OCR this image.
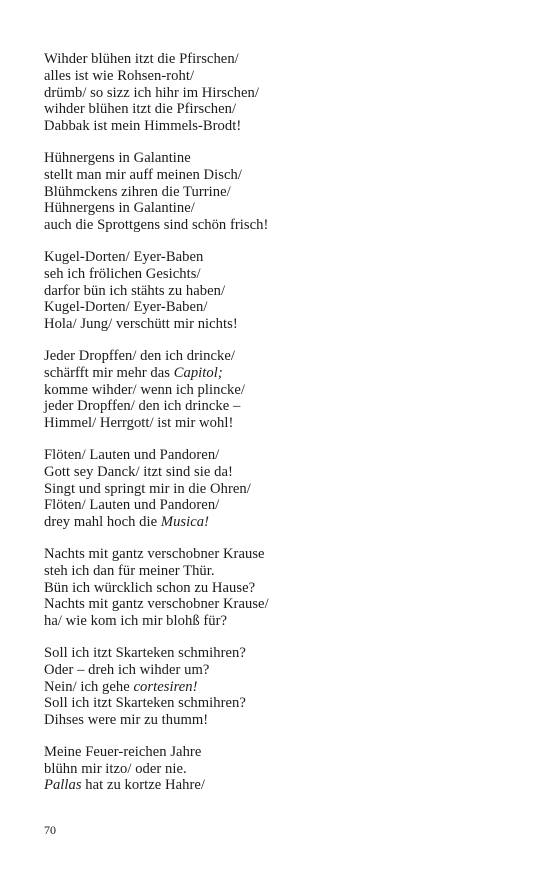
Wihder blühen itzt die Pfirschen/
alles ist wie Rohsen-roht/
drümb/ so sizz ich hihr im Hirschen/
wihder blühen itzt die Pfirschen/
Dabbak ist mein Himmels-Brodt!
Hühnergens in Galantine
stellt man mir auff meinen Disch/
Blühmckens zihren die Turrine/
Hühnergens in Galantine/
auch die Sprottgens sind schön frisch!
Kugel-Dorten/ Eyer-Baben
seh ich frölichen Gesichts/
darfor bün ich stähts zu haben/
Kugel-Dorten/ Eyer-Baben/
Hola/ Jung/ verschütt mir nichts!
Jeder Dropffen/ den ich drincke/
schärfft mir mehr das Capitol;
komme wihder/ wenn ich plincke/
jeder Dropffen/ den ich drincke –
Himmel/ Herrgott/ ist mir wohl!
Flöten/ Lauten und Pandoren/
Gott sey Danck/ itzt sind sie da!
Singt und springt mir in die Ohren/
Flöten/ Lauten und Pandoren/
drey mahl hoch die Musica!
Nachts mit gantz verschobner Krause
steh ich dan für meiner Thür.
Bün ich würcklich schon zu Hause?
Nachts mit gantz verschobner Krause/
ha/ wie kom ich mir blohß für?
Soll ich itzt Skarteken schmihren?
Oder – dreh ich wihder um?
Nein/ ich gehe cortesiren!
Soll ich itzt Skarteken schmihren?
Dihses were mir zu thumm!
Meine Feuer-reichen Jahre
blühn mir itzo/ oder nie.
Pallas hat zu kortze Hahre/
70
